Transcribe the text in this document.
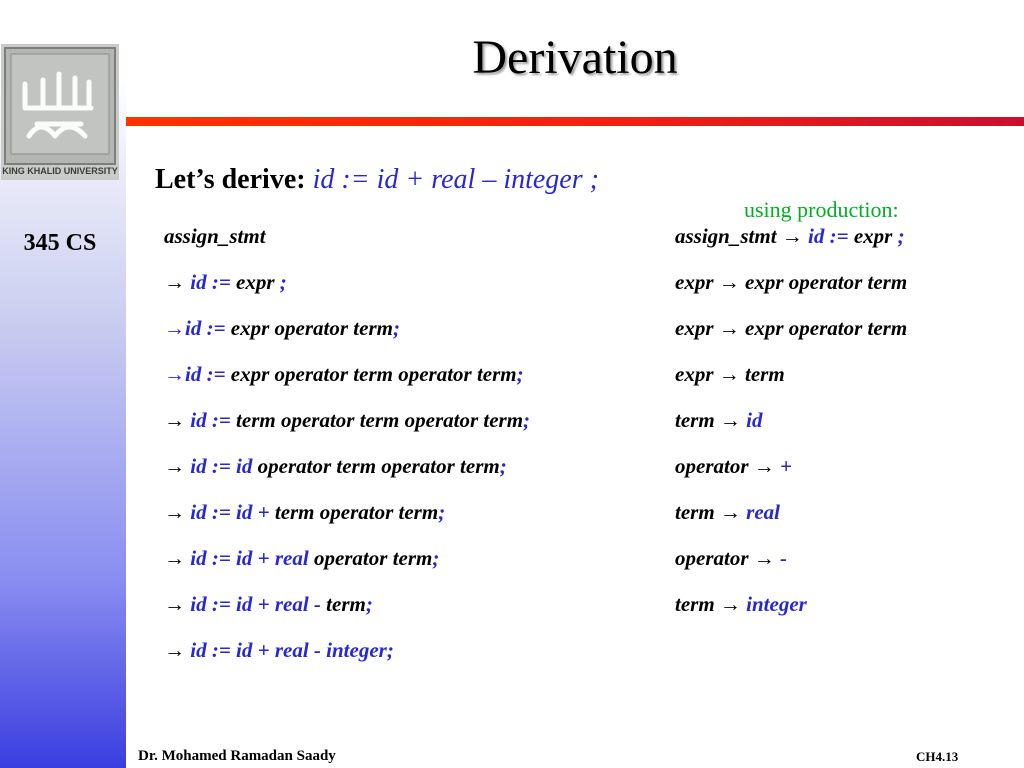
KING KHALID UNIVERSITY
345 CS
Derivation
Let’s derive: id := id + real – integer ;
using production:
assign_stmt
→ id := expr ;
→id := expr operator term;
→id := expr operator term operator term;
→ id := term operator term operator term;
→ id := id operator term operator term;
→ id := id + term operator term;
→ id := id + real operator term;
→ id := id + real - term;
→ id := id + real - integer;
assign_stmt → id := expr ;
expr → expr operator term
expr → expr operator term
expr → term
term → id
operator → +
term → real
operator → -
term → integer
Dr. Mohamed Ramadan Saady	CH4.13
